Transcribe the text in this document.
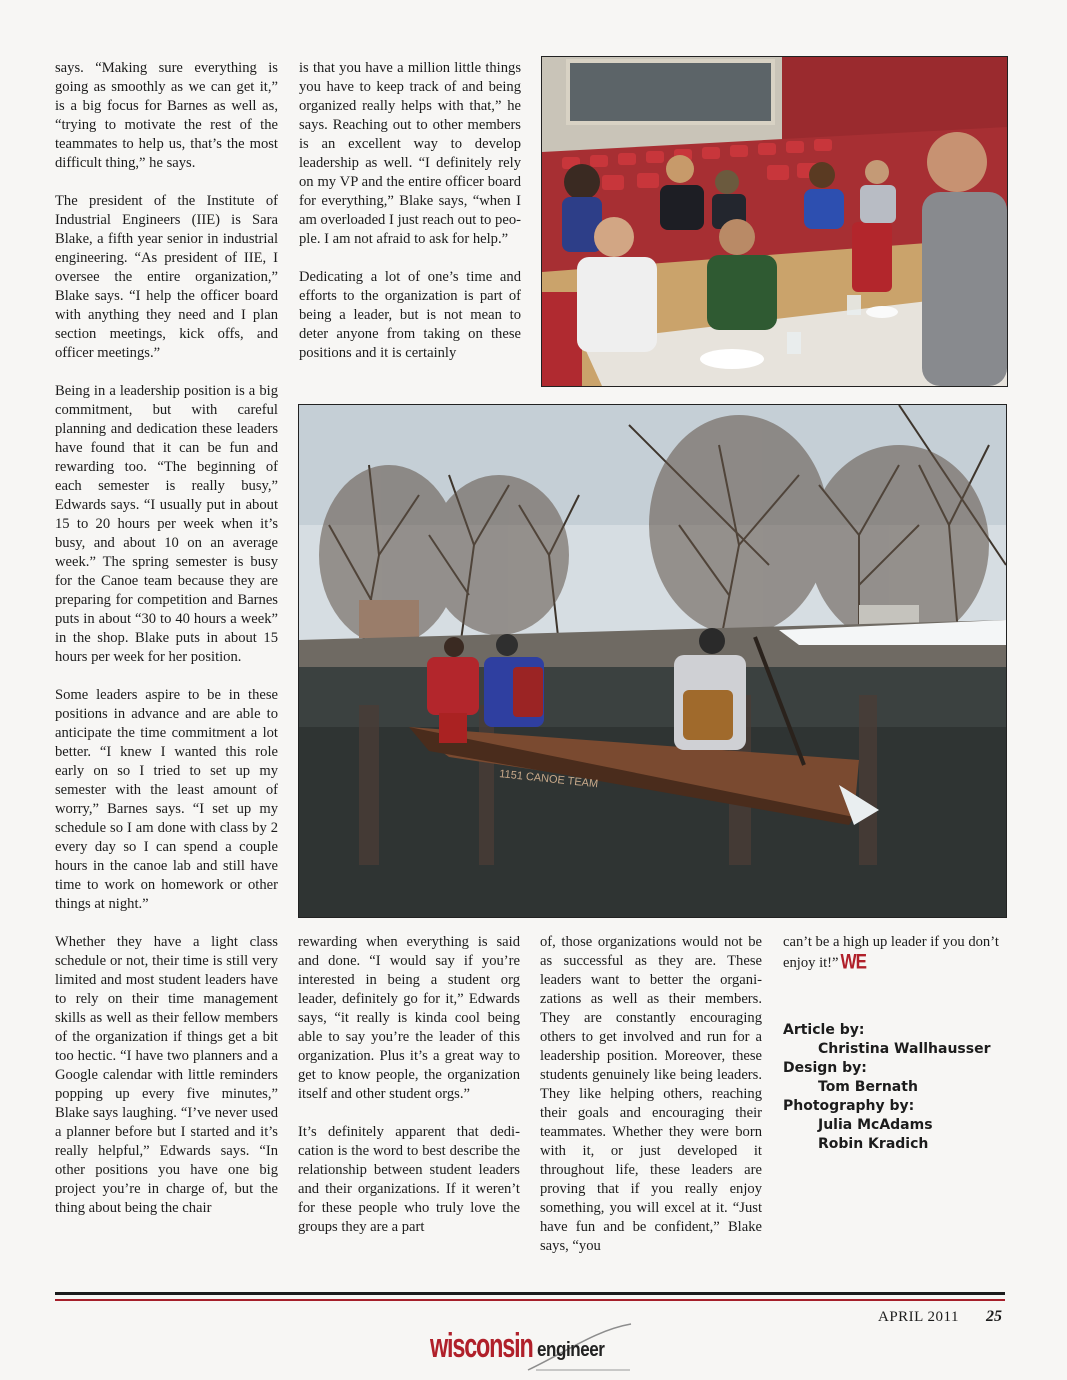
says. “Making sure everything is going as smoothly as we can get it,” is a big focus for Barnes as well as, “trying to motivate the rest of the teammates to help us, that’s the most difficult thing,” he says.

The president of the Institute of Industrial Engineers (IIE) is Sara Blake, a fifth year senior in industrial engineering. “As president of IIE, I oversee the entire organization,” Blake says. “I help the officer board with anything they need and I plan section meetings, kick offs, and officer meetings.”

Being in a leadership position is a big commitment, but with careful planning and dedication these leaders have found that it can be fun and rewarding too. “The beginning of each semester is really busy,” Edwards says. “I usually put in about 15 to 20 hours per week when it’s busy, and about 10 on an average week.” The spring semester is busy for the Canoe team because they are preparing for competition and Barnes puts in about “30 to 40 hours a week” in the shop. Blake puts in about 15 hours per week for her position.

Some leaders aspire to be in these positions in advance and are able to anticipate the time commitment a lot better. “I knew I wanted this role early on so I tried to set up my semester with the least amount of worry,” Barnes says. “I set up my schedule so I am done with class by 2 every day so I can spend a couple hours in the canoe lab and still have time to work on homework or other things at night.”

Whether they have a light class schedule or not, their time is still very limited and most student leaders have to rely on their time management skills as well as their fellow members of the organization if things get a bit too hectic. “I have two planners and a Google calendar with little reminders popping up every five minutes,” Blake says laughing. “I’ve never used a planner before but I started and it’s really helpful,” Edwards says. “In other positions you have one big project you’re in charge of, but the thing about being the chair

is that you have a million little things you have to keep track of and being organized really helps with that,” he says. Reaching out to other members is an excellent way to develop leadership as well. “I definitely rely on my VP and the entire officer board for everything,” Blake says, “when I am overloaded I just reach out to people. I am not afraid to ask for help.”

Dedicating a lot of one’s time and efforts to the organization is part of being a leader, but is not mean to deter anyone from taking on these positions and it is certainly

1151 CANOE TEAM

rewarding when everything is said and done. “I would say if you’re interested in being a student org leader, definitely go for it,” Edwards says, “it really is kinda cool being able to say you’re the leader of this organization. Plus it’s a great way to get to know people, the organization itself and other student orgs.”

It’s definitely apparent that dedication is the word to best describe the relationship between student leaders and their organizations. If it weren’t for these people who truly love the groups they are a part

of, those organizations would not be as successful as they are. These leaders want to better the organizations as well as their members. They are constantly encouraging others to get involved and run for a leadership position. Moreover, these students genuinely like being leaders. They like helping others, reaching their goals and encouraging their teammates. Whether they were born with it, or just developed it throughout life, these leaders are proving that if you really enjoy something, you will excel at it. “Just have fun and be confident,” Blake says, “you

can’t be a high up leader if you don’t enjoy it!” WE

Article by:
Christina Wallhausser
Design by:
Tom Bernath
Photography by:
Julia McAdams
Robin Kradich
APRIL 2011 25
wisconsin engineer
